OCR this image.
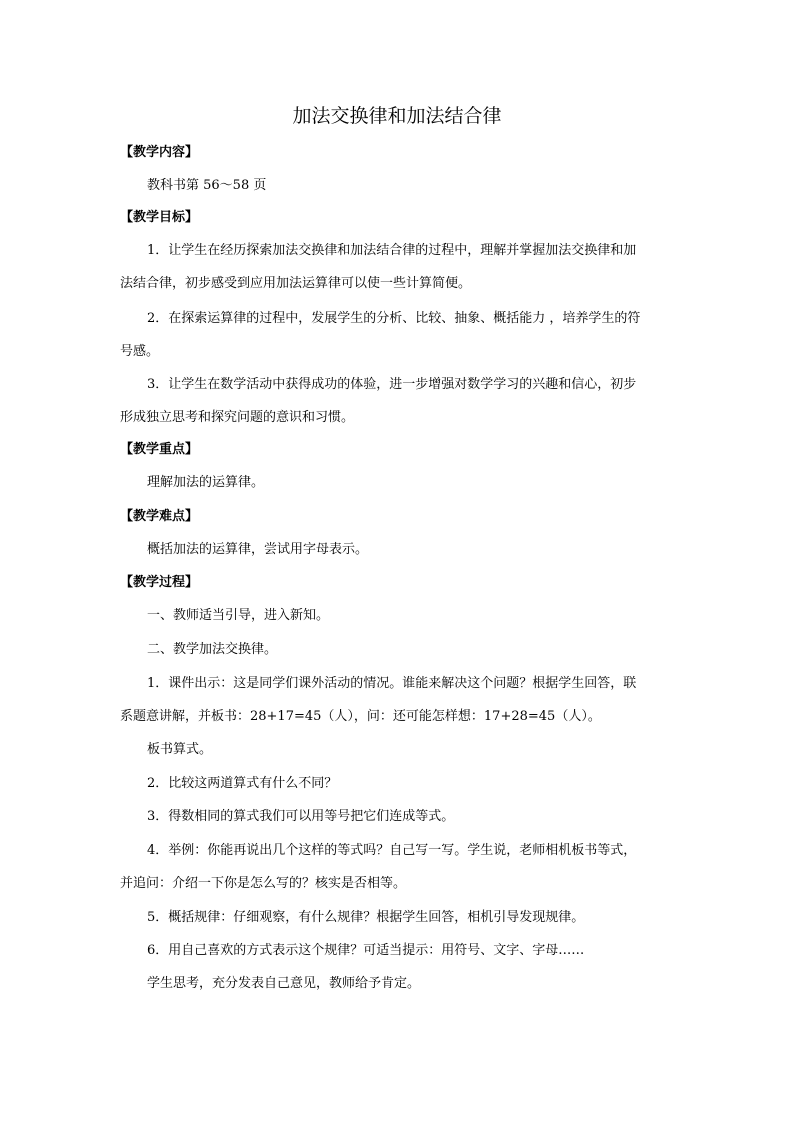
加法交换律和加法结合律
【教学内容】
教科书第 56～58 页
【教学目标】
1．让学生在经历探索加法交换律和加法结合律的过程中，理解并掌握加法交换律和加
法结合律，初步感受到应用加法运算律可以使一些计算简便。
2．在探索运算律的过程中，发展学生的分析、比较、抽象、概括能力 ，培养学生的符
号感。
3．让学生在数学活动中获得成功的体验，进一步增强对数学学习的兴趣和信心，初步
形成独立思考和探究问题的意识和习惯。
【教学重点】
理解加法的运算律。
【教学难点】
概括加法的运算律，尝试用字母表示。
【教学过程】
一、教师适当引导，进入新知。
二、教学加法交换律。
1．课件出示：这是同学们课外活动的情况。谁能来解决这个问题？根据学生回答，联
系题意讲解，并板书：28+17=45（人），问：还可能怎样想：17+28=45（人）。
板书算式。
2．比较这两道算式有什么不同？
3．得数相同的算式我们可以用等号把它们连成等式。
4．举例：你能再说出几个这样的等式吗？自己写一写。学生说，老师相机板书等式，
并追问：介绍一下你是怎么写的？核实是否相等。
5．概括规律：仔细观察，有什么规律？根据学生回答，相机引导发现规律。
6．用自己喜欢的方式表示这个规律？可适当提示：用符号、文字、字母……
学生思考，充分发表自己意见，教师给予肯定。
